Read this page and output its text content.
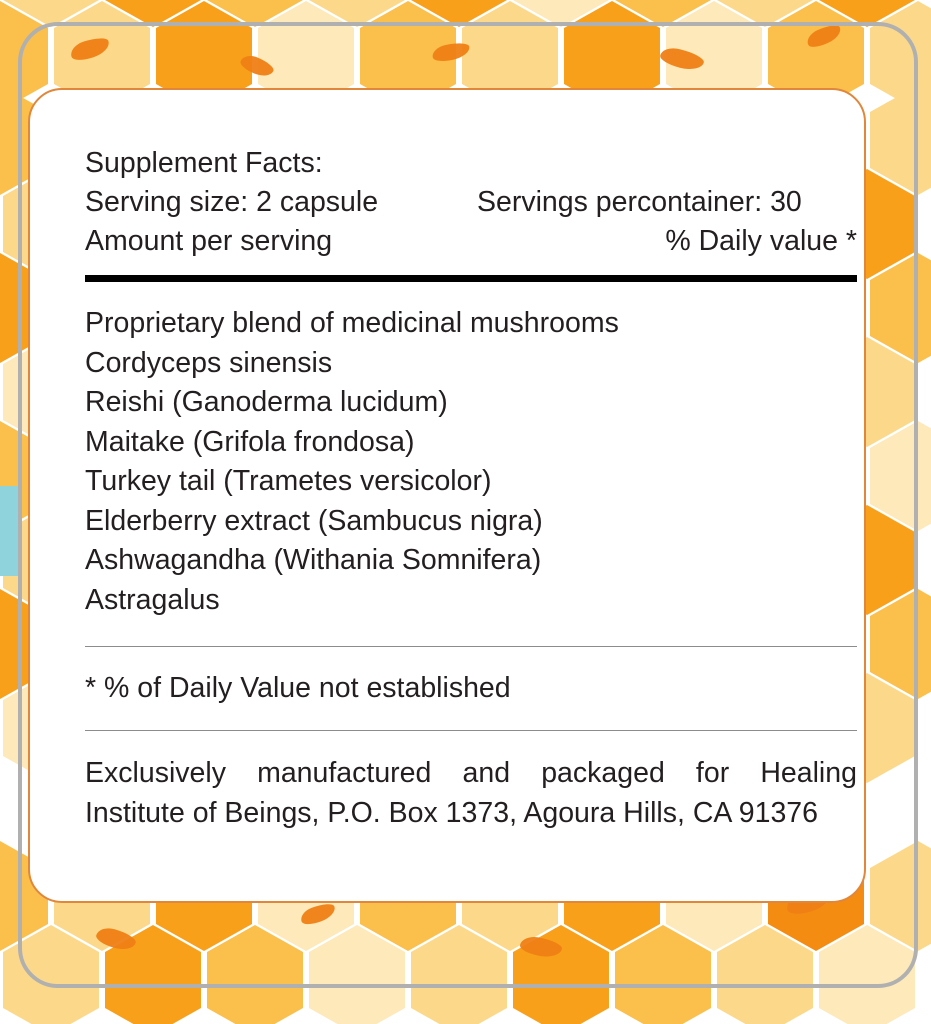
Supplement Facts:
Serving size: 2 capsule	Servings percontainer: 30
Amount per serving	% Daily value *
Proprietary blend of medicinal mushrooms
Cordyceps sinensis
Reishi (Ganoderma lucidum)
Maitake (Grifola frondosa)
Turkey tail (Trametes versicolor)
Elderberry extract (Sambucus nigra)
Ashwagandha (Withania Somnifera)
Astragalus
* % of Daily Value not established
Exclusively manufactured and packaged for Healing
Institute of Beings, P.O. Box 1373, Agoura Hills, CA 91376
